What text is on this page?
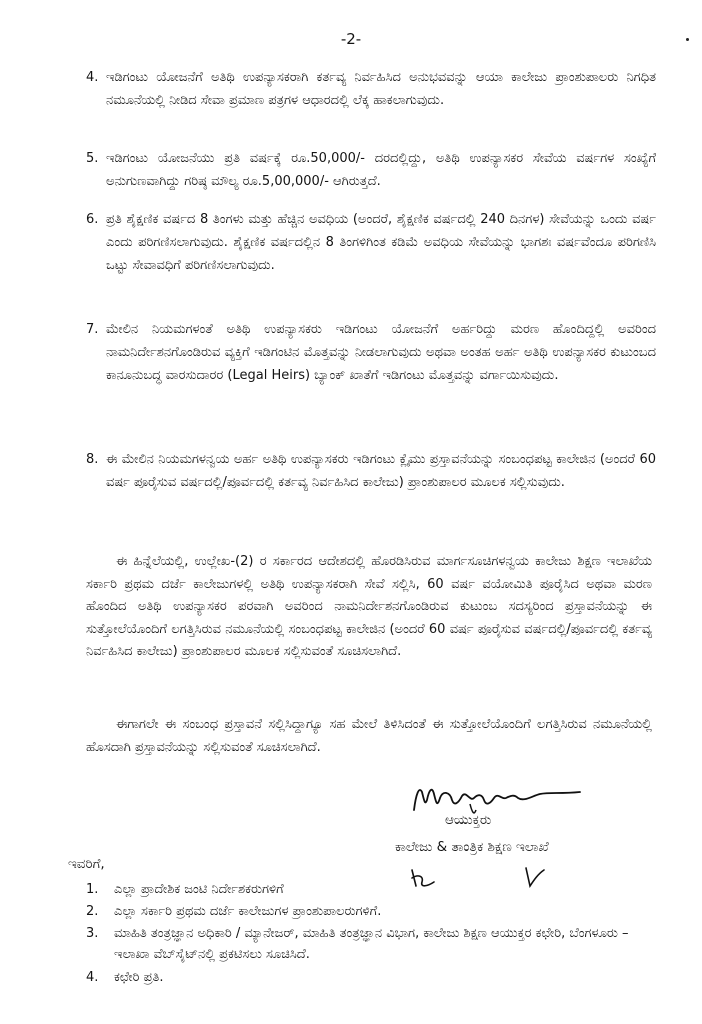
-2-
4. ಇಡಿಗಂಟು ಯೋಜನೆಗೆ ಅತಿಥಿ ಉಪನ್ಯಾಸಕರಾಗಿ ಕರ್ತವ್ಯ ನಿರ್ವಹಿಸಿದ ಅನುಭವವನ್ನು ಆಯಾ ಕಾಲೇಜು ಪ್ರಾಂಶುಪಾಲರು ನಿಗಧಿತ ನಮೂನೆಯಲ್ಲಿ ನೀಡಿದ ಸೇವಾ ಪ್ರಮಾಣ ಪತ್ರಗಳ ಆಧಾರದಲ್ಲಿ ಲೆಕ್ಕ ಹಾಕಲಾಗುವುದು.
5. ಇಡಿಗಂಟು ಯೋಜನೆಯು ಪ್ರತಿ ವರ್ಷಕ್ಕೆ ರೂ.50,000/- ದರದಲ್ಲಿದ್ದು, ಅತಿಥಿ ಉಪನ್ಯಾಸಕರ ಸೇವೆಯ ವರ್ಷಗಳ ಸಂಖ್ಯೆಗೆ ಅನುಗುಣವಾಗಿದ್ದು ಗರಿಷ್ಠ ಮೌಲ್ಯ ರೂ.5,00,000/- ಆಗಿರುತ್ತದೆ.
6. ಪ್ರತಿ ಶೈಕ್ಷಣಿಕ ವರ್ಷದ 8 ತಿಂಗಳು ಮತ್ತು ಹೆಚ್ಚಿನ ಅವಧಿಯ (ಅಂದರೆ, ಶೈಕ್ಷಣಿಕ ವರ್ಷದಲ್ಲಿ 240 ದಿನಗಳ) ಸೇವೆಯನ್ನು ಒಂದು ವರ್ಷ ಎಂದು ಪರಿಗಣಿಸಲಾಗುವುದು. ಶೈಕ್ಷಣಿಕ ವರ್ಷದಲ್ಲಿನ 8 ತಿಂಗಳಿಗಿಂತ ಕಡಿಮೆ ಅವಧಿಯ ಸೇವೆಯನ್ನು ಭಾಗಶಃ ವರ್ಷವೆಂದೂ ಪರಿಗಣಿಸಿ ಒಟ್ಟು ಸೇವಾವಧಿಗೆ ಪರಿಗಣಿಸಲಾಗುವುದು.
7. ಮೇಲಿನ ನಿಯಮಗಳಂತೆ ಅತಿಥಿ ಉಪನ್ಯಾಸಕರು ಇಡಿಗಂಟು ಯೋಜನೆಗೆ ಅರ್ಹರಿದ್ದು ಮರಣ ಹೊಂದಿದ್ದಲ್ಲಿ ಅವರಿಂದ ನಾಮನಿರ್ದೇಶನಗೊಂಡಿರುವ ವ್ಯಕ್ತಿಗೆ ಇಡಿಗಂಟಿನ ಮೊತ್ತವನ್ನು ನೀಡಲಾಗುವುದು ಅಥವಾ ಅಂತಹ ಅರ್ಹ ಅತಿಥಿ ಉಪನ್ಯಾಸಕರ ಕುಟುಂಬದ ಕಾನೂನುಬದ್ಧ ವಾರಸುದಾರರ (Legal Heirs) ಬ್ಯಾಂಕ್ ಖಾತೆಗೆ ಇಡಿಗಂಟು ಮೊತ್ತವನ್ನು ವರ್ಗಾಯಿಸುವುದು.
8. ಈ ಮೇಲಿನ ನಿಯಮಗಳನ್ವಯ ಅರ್ಹ ಅತಿಥಿ ಉಪನ್ಯಾಸಕರು ಇಡಿಗಂಟು ಕ್ಲೈಮು ಪ್ರಸ್ತಾವನೆಯನ್ನು ಸಂಬಂಧಪಟ್ಟ ಕಾಲೇಜಿನ (ಅಂದರೆ 60 ವರ್ಷ ಪೂರೈಸುವ ವರ್ಷದಲ್ಲಿ/ಪೂರ್ವದಲ್ಲಿ ಕರ್ತವ್ಯ ನಿರ್ವಹಿಸಿದ ಕಾಲೇಜು) ಪ್ರಾಂಶುಪಾಲರ ಮೂಲಕ ಸಲ್ಲಿಸುವುದು.
ಈ ಹಿನ್ನೆಲೆಯಲ್ಲಿ, ಉಲ್ಲೇಖ-(2) ರ ಸರ್ಕಾರದ ಆದೇಶದಲ್ಲಿ ಹೊರಡಿಸಿರುವ ಮಾರ್ಗಸೂಚಿಗಳನ್ವಯ ಕಾಲೇಜು ಶಿಕ್ಷಣ ಇಲಾಖೆಯ ಸರ್ಕಾರಿ ಪ್ರಥಮ ದರ್ಜೆ ಕಾಲೇಜುಗಳಲ್ಲಿ ಅತಿಥಿ ಉಪನ್ಯಾಸಕರಾಗಿ ಸೇವೆ ಸಲ್ಲಿಸಿ, 60 ವರ್ಷ ವಯೋಮಿತಿ ಪೂರೈಸಿದ ಅಥವಾ ಮರಣ ಹೊಂದಿದ ಅತಿಥಿ ಉಪನ್ಯಾಸಕರ ಪರವಾಗಿ ಅವರಿಂದ ನಾಮನಿರ್ದೇಶನಗೊಂಡಿರುವ ಕುಟುಂಬ ಸದಸ್ಯರಿಂದ ಪ್ರಸ್ತಾವನೆಯನ್ನು ಈ ಸುತ್ತೋಲೆಯೊಂದಿಗೆ ಲಗತ್ತಿಸಿರುವ ನಮೂನೆಯಲ್ಲಿ ಸಂಬಂಧಪಟ್ಟ ಕಾಲೇಜಿನ (ಅಂದರೆ 60 ವರ್ಷ ಪೂರೈಸುವ ವರ್ಷದಲ್ಲಿ/ಪೂರ್ವದಲ್ಲಿ ಕರ್ತವ್ಯ ನಿರ್ವಹಿಸಿದ ಕಾಲೇಜು) ಪ್ರಾಂಶುಪಾಲರ ಮೂಲಕ ಸಲ್ಲಿಸುವಂತೆ ಸೂಚಿಸಲಾಗಿದೆ.
ಈಗಾಗಲೇ ಈ ಸಂಬಂಧ ಪ್ರಸ್ತಾವನೆ ಸಲ್ಲಿಸಿದ್ದಾಗ್ಯೂ ಸಹ ಮೇಲೆ ತಿಳಿಸಿದಂತೆ ಈ ಸುತ್ತೋಲೆಯೊಂದಿಗೆ ಲಗತ್ತಿಸಿರುವ ನಮೂನೆಯಲ್ಲಿ ಹೊಸದಾಗಿ ಪ್ರಸ್ತಾವನೆಯನ್ನು ಸಲ್ಲಿಸುವಂತೆ ಸೂಚಿಸಲಾಗಿದೆ.
ಆಯುಕ್ತರು
ಕಾಲೇಜು & ತಾಂತ್ರಿಕ ಶಿಕ್ಷಣ ಇಲಾಖೆ
ಇವರಿಗೆ,
1.	ಎಲ್ಲಾ ಪ್ರಾದೇಶಿಕ ಜಂಟಿ ನಿರ್ದೇಶಕರುಗಳಿಗೆ
2.	ಎಲ್ಲಾ ಸರ್ಕಾರಿ ಪ್ರಥಮ ದರ್ಜೆ ಕಾಲೇಜುಗಳ ಪ್ರಾಂಶುಪಾಲರುಗಳಿಗೆ.
3.	ಮಾಹಿತಿ ತಂತ್ರಜ್ಞಾನ ಅಧಿಕಾರಿ / ಮ್ಯಾನೇಜರ್, ಮಾಹಿತಿ ತಂತ್ರಜ್ಞಾನ ವಿಭಾಗ, ಕಾಲೇಜು ಶಿಕ್ಷಣ ಆಯುಕ್ತರ ಕಛೇರಿ, ಬೆಂಗಳೂರು – ಇಲಾಖಾ ವೆಬ್‌ಸೈಟ್‌ನಲ್ಲಿ ಪ್ರಕಟಿಸಲು ಸೂಚಿಸಿದೆ.
4.	ಕಛೇರಿ ಪ್ರತಿ.
